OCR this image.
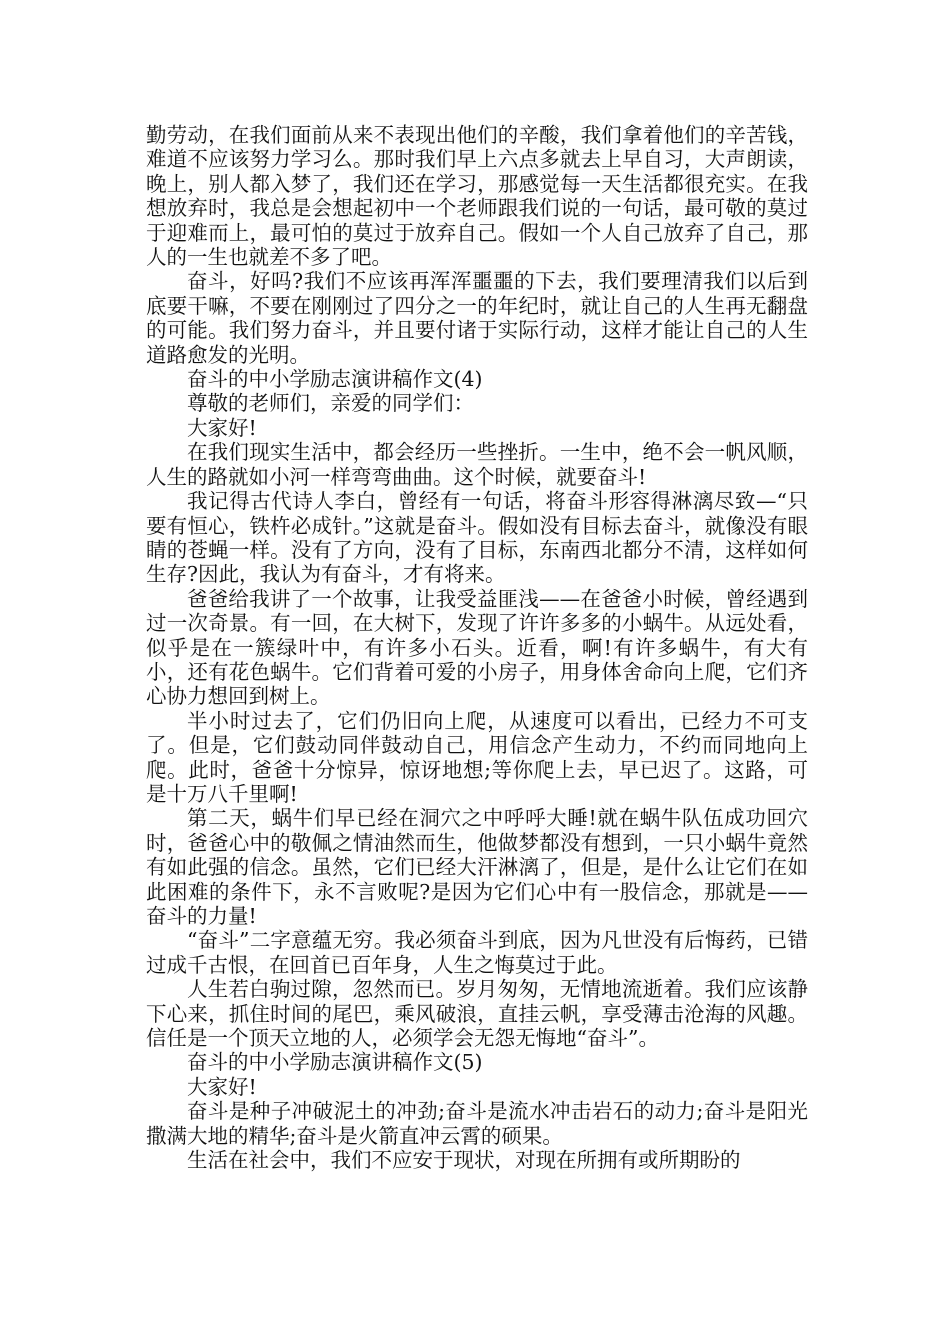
勤劳动，在我们面前从来不表现出他们的辛酸，我们拿着他们的辛苦钱，难道不应该努力学习么。那时我们早上六点多就去上早自习，大声朗读，晚上，别人都入梦了，我们还在学习，那感觉每一天生活都很充实。在我想放弃时，我总是会想起初中一个老师跟我们说的一句话，最可敬的莫过于迎难而上，最可怕的莫过于放弃自己。假如一个人自己放弃了自己，那人的一生也就差不多了吧。

奋斗，好吗?我们不应该再浑浑噩噩的下去，我们要理清我们以后到底要干嘛，不要在刚刚过了四分之一的年纪时，就让自己的人生再无翻盘的可能。我们努力奋斗，并且要付诸于实际行动，这样才能让自己的人生道路愈发的光明。

奋斗的中小学励志演讲稿作文(4)

尊敬的老师们，亲爱的同学们：

大家好!

在我们现实生活中，都会经历一些挫折。一生中，绝不会一帆风顺，人生的路就如小河一样弯弯曲曲。这个时候，就要奋斗!

我记得古代诗人李白，曾经有一句话，将奋斗形容得淋漓尽致—“只要有恒心，铁杵必成针。”这就是奋斗。假如没有目标去奋斗，就像没有眼睛的苍蝇一样。没有了方向，没有了目标，东南西北都分不清，这样如何生存?因此，我认为有奋斗，才有将来。

爸爸给我讲了一个故事，让我受益匪浅——在爸爸小时候，曾经遇到过一次奇景。有一回，在大树下，发现了许许多多的小蜗牛。从远处看，似乎是在一簇绿叶中，有许多小石头。近看，啊!有许多蜗牛，有大有小，还有花色蜗牛。它们背着可爱的小房子，用身体舍命向上爬，它们齐心协力想回到树上。

半小时过去了，它们仍旧向上爬，从速度可以看出，已经力不可支了。但是，它们鼓动同伴鼓动自己，用信念产生动力，不约而同地向上爬。此时，爸爸十分惊异，惊讶地想;等你爬上去，早已迟了。这路，可是十万八千里啊!

第二天，蜗牛们早已经在洞穴之中呼呼大睡!就在蜗牛队伍成功回穴时，爸爸心中的敬佩之情油然而生，他做梦都没有想到，一只小蜗牛竟然有如此强的信念。虽然，它们已经大汗淋漓了，但是，是什么让它们在如此困难的条件下，永不言败呢?是因为它们心中有一股信念，那就是——奋斗的力量!

“奋斗”二字意蕴无穷。我必须奋斗到底，因为凡世没有后悔药，已错过成千古恨，在回首已百年身，人生之悔莫过于此。

人生若白驹过隙，忽然而已。岁月匆匆，无情地流逝着。我们应该静下心来，抓住时间的尾巴，乘风破浪，直挂云帆，享受薄击沧海的风趣。信任是一个顶天立地的人，必须学会无怨无悔地“奋斗”。

奋斗的中小学励志演讲稿作文(5)

大家好!

奋斗是种子冲破泥土的冲劲;奋斗是流水冲击岩石的动力;奋斗是阳光撒满大地的精华;奋斗是火箭直冲云霄的硕果。

生活在社会中，我们不应安于现状，对现在所拥有或所期盼的
